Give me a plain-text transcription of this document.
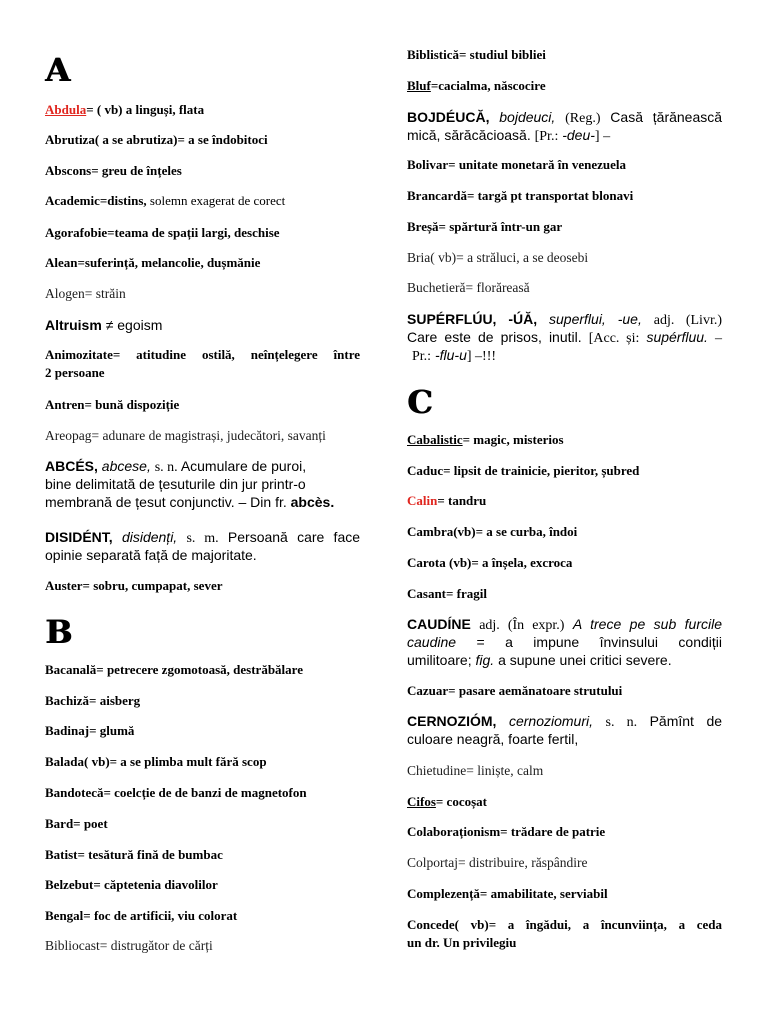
A
Abdula= ( vb) a linguși, flata
Abrutiza( a se abrutiza)= a se îndobitoci
Abscons= greu de înțeles
Academic=distins, solemn exagerat de corect
Agorafobie=teama de spații largi, deschise
Alean=suferință, melancolie, dușmănie
Alogen= străin
Altruism ≠ egoism
Animozitate= atitudine ostilă, neînțelegere între
2 persoane
Antren= bună dispoziție
Areopag= adunare de magistrași, judecători, savanți
ABCÉS, abcese, s. n. Acumulare de puroi,
bine delimitată de țesuturile din jur printr-o
membrană de țesut conjunctiv. – Din fr. abcès.
DISIDÉNT, disidenți, s. m. Persoană care face
opinie separată față de majoritate.
Auster= sobru, cumpapat, sever
B
Bacanală= petrecere zgomotoasă, destrăbălare
Bachiză= aisberg
Badinaj= glumă
Balada( vb)= a se plimba mult fără scop
Bandotecă= coelcție de de banzi de magnetofon
Bard= poet
Batist= tesătură fină de bumbac
Belzebut= căptetenia diavolilor
Bengal= foc de artificii, viu colorat
Bibliocast= distrugător de cărți
Biblistică= studiul bibliei
Bluf=cacialma, născocire
BOJDÉUCĂ, bojdeuci, (Reg.) Casă țărănească
mică, sărăcăcioasă. [Pr.: -deu-] –
Bolivar= unitate monetară în venezuela
Brancardă= targă pt transportat blonavi
Breșă= spărtură într-un gar
Bria( vb)= a străluci, a se deosebi
Buchetieră= florăreasă
SUPÉRFLÚU, -ÚĂ, superflui, -ue, adj. (Livr.)
Care este de prisos, inutil. [Acc. și: supérfluu. –
Pr.: -flu-u] –!!!
C
Cabalistic= magic, misterios
Caduc= lipsit de trainicie, pieritor, șubred
Calin= tandru
Cambra(vb)= a se curba, îndoi
Carota (vb)= a înșela, excroca
Casant= fragil
CAUDÍNE adj. (În expr.) A trece pe sub furcile
caudine = a impune învinsului condiții
umilitoare; fig. a supune unei critici severe.
Cazuar= pasare aemănatoare strutului
CERNOZIÓM, cernoziomuri, s. n. Pămînt de
culoare neagră, foarte fertil,
Chietudine= liniște, calm
Cifos= cocoșat
Colaboraționism= trădare de patrie
Colportaj= distribuire, răspândire
Complezență= amabilitate, serviabil
Concede( vb)= a îngădui, a încunviința, a ceda
un dr. Un privilegiu
